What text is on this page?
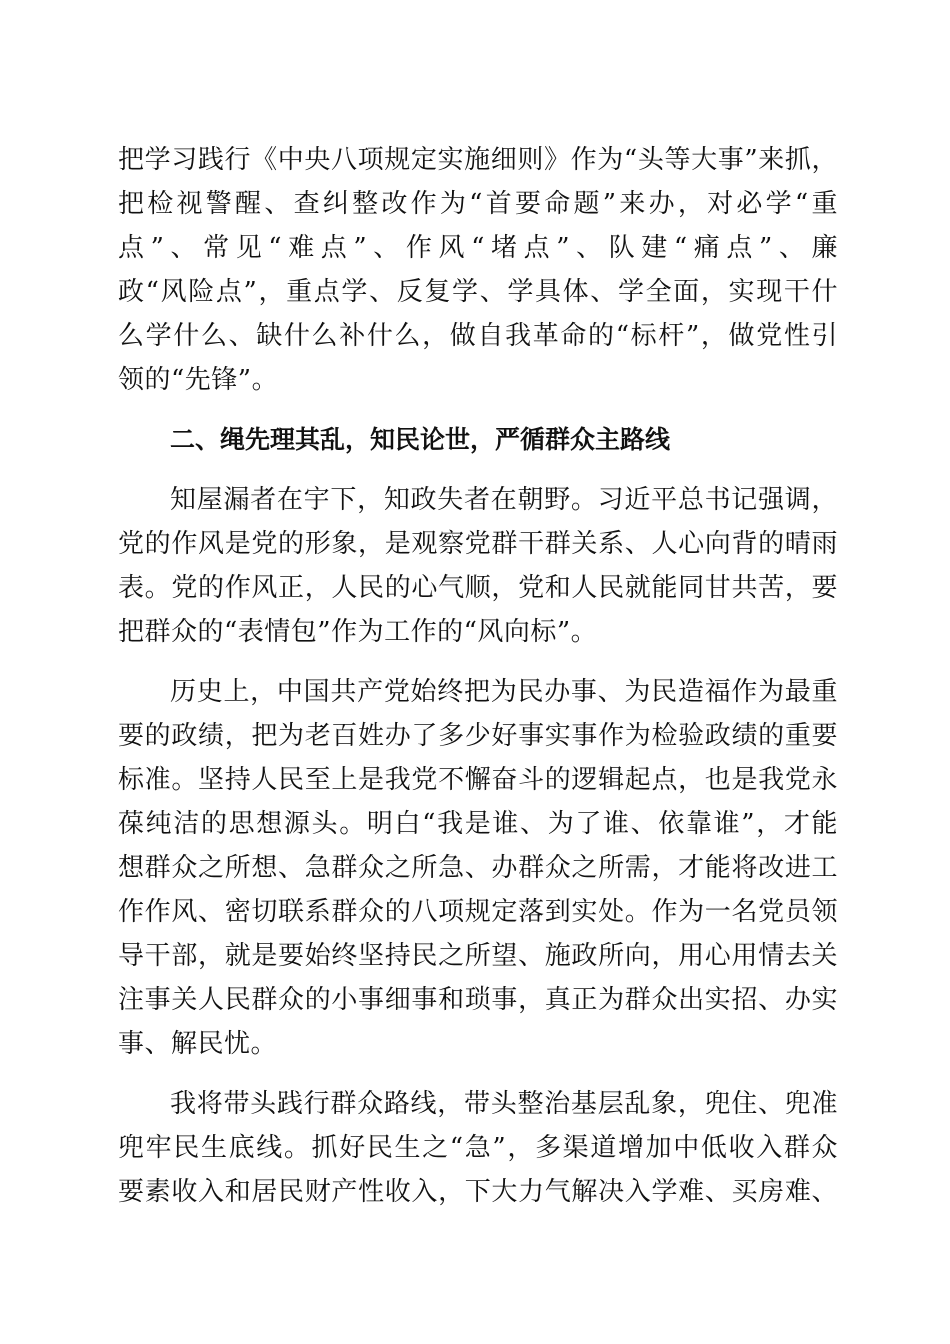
把学习践行《中央八项规定实施细则》作为“头等大事”来抓，
把检视警醒、查纠整改作为“首要命题”来办，对必学“重
点”、常见“难点”、作风“堵点”、队建“痛点”、廉
政“风险点”，重点学、反复学、学具体、学全面，实现干什
么学什么、缺什么补什么，做自我革命的“标杆”，做党性引
领的“先锋”。
二、绳先理其乱，知民论世，严循群众主路线
知屋漏者在宇下，知政失者在朝野。习近平总书记强调，
党的作风是党的形象，是观察党群干群关系、人心向背的晴雨
表。党的作风正，人民的心气顺，党和人民就能同甘共苦，要
把群众的“表情包”作为工作的“风向标”。
历史上，中国共产党始终把为民办事、为民造福作为最重
要的政绩，把为老百姓办了多少好事实事作为检验政绩的重要
标准。坚持人民至上是我党不懈奋斗的逻辑起点，也是我党永
葆纯洁的思想源头。明白“我是谁、为了谁、依靠谁”，才能
想群众之所想、急群众之所急、办群众之所需，才能将改进工
作作风、密切联系群众的八项规定落到实处。作为一名党员领
导干部，就是要始终坚持民之所望、施政所向，用心用情去关
注事关人民群众的小事细事和琐事，真正为群众出实招、办实
事、解民忧。
我将带头践行群众路线，带头整治基层乱象，兜住、兜准
兜牢民生底线。抓好民生之“急”，多渠道增加中低收入群众
要素收入和居民财产性收入，下大力气解决入学难、买房难、
